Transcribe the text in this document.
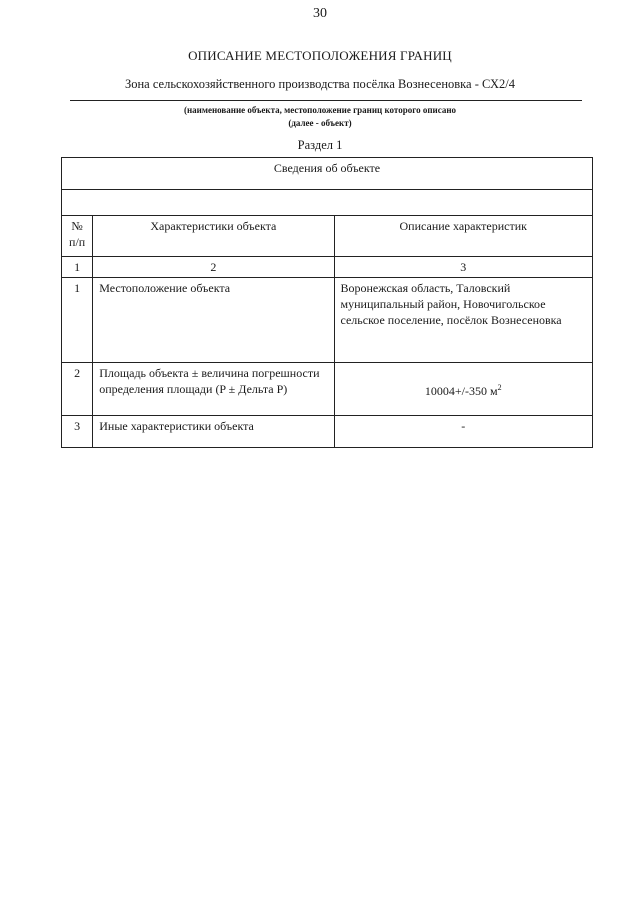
30
ОПИСАНИЕ МЕСТОПОЛОЖЕНИЯ ГРАНИЦ
Зона сельскохозяйственного производства посёлка Вознесеновка - СХ2/4
(наименование объекта, местоположение границ которого описано
(далее - объект)
Раздел 1
Сведения об объекте		

№ п/п	Характеристики объекта	Описание характеристик
1	2	3
1	Местоположение объекта	Воронежская область, Таловский муниципальный район, Новочигольское сельское поселение, посёлок Вознесеновка
2	Площадь объекта ± величина погрешности определения площади (P ± Дельта P)	10004+/-350 $м^2$
3	Иные характеристики объекта	-
